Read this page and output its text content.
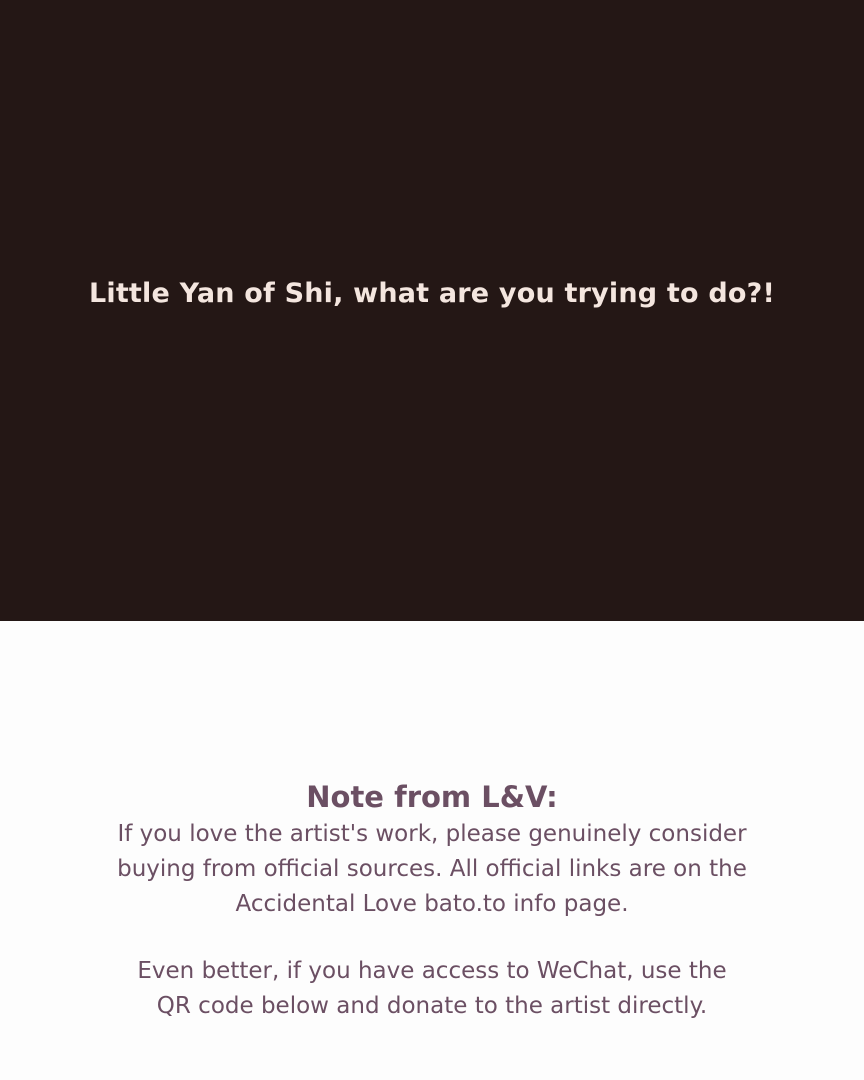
Little Yan of Shi, what are you trying to do?!
Note from L&V:
If you love the artist's work, please genuinely consider
buying from official sources. All official links are on the
Accidental Love bato.to info page.
Even better, if you have access to WeChat, use the
QR code below and donate to the artist directly.
